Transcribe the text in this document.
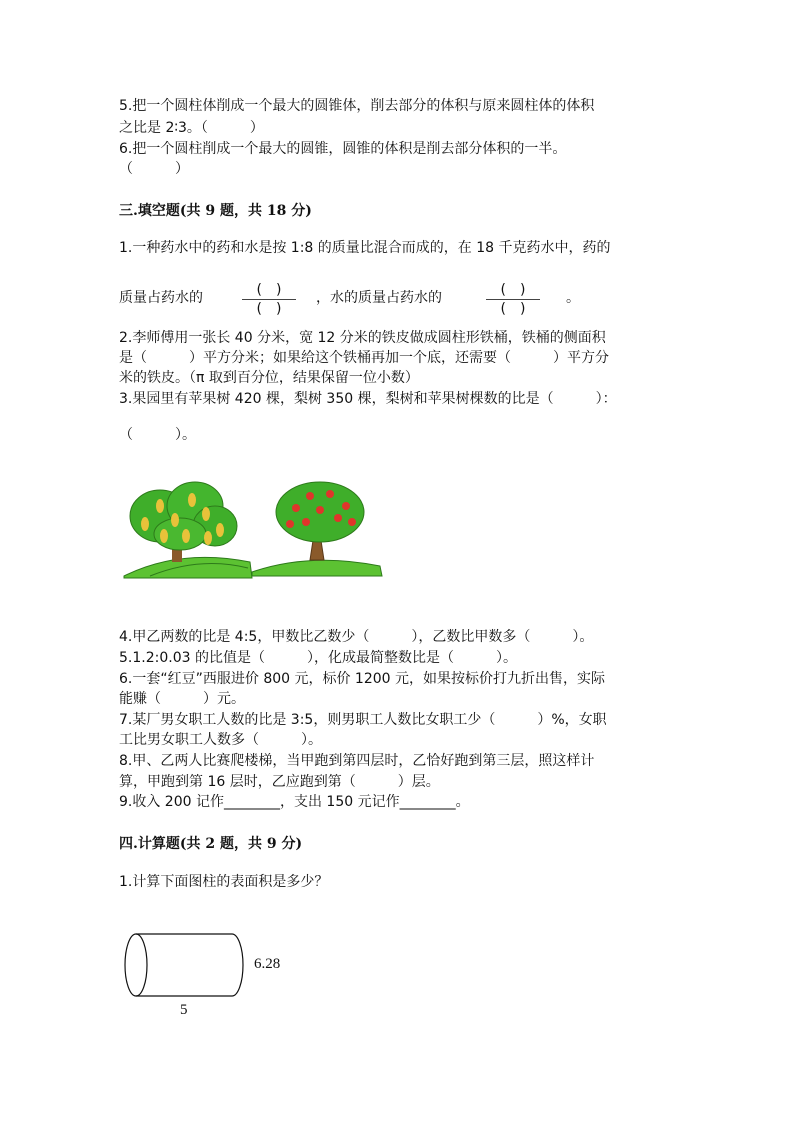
5.把一个圆柱体削成一个最大的圆锥体，削去部分的体积与原来圆柱体的体积
之比是 2∶3。（　　　）
6.把一个圆柱削成一个最大的圆锥，圆锥的体积是削去部分体积的一半。
（　　　）
三.填空题(共 9 题，共 18 分)
1.一种药水中的药和水是按 1:8 的质量比混合而成的，在 18 千克药水中，药的
质量占药水的	(　)
(　)
，水的质量占药水的	(　)
(　)
。
2.李师傅用一张长 40 分米，宽 12 分米的铁皮做成圆柱形铁桶，铁桶的侧面积
是（　　　）平方分米；如果给这个铁桶再加一个底，还需要（　　　）平方分
米的铁皮。（π 取到百分位，结果保留一位小数）
3.果园里有苹果树 420 棵，梨树 350 棵，梨树和苹果树棵数的比是（　　　）：
（　　　）。
4.甲乙两数的比是 4:5，甲数比乙数少（　　　），乙数比甲数多（　　　）。
5.1.2:0.03 的比值是（　　　），化成最简整数比是（　　　）。
6.一套“红豆”西服进价 800 元，标价 1200 元，如果按标价打九折出售，实际
能赚（　　　）元。
7.某厂男女职工人数的比是 3:5，则男职工人数比女职工少（　　　）%，女职
工比男女职工人数多（　　　）。
8.甲、乙两人比赛爬楼梯，当甲跑到第四层时，乙恰好跑到第三层，照这样计
算，甲跑到第 16 层时，乙应跑到第（　　　）层。
9.收入 200 记作________，支出 150 元记作________。
四.计算题(共 2 题，共 9 分)
1.计算下面图柱的表面积是多少？
6.28
5
